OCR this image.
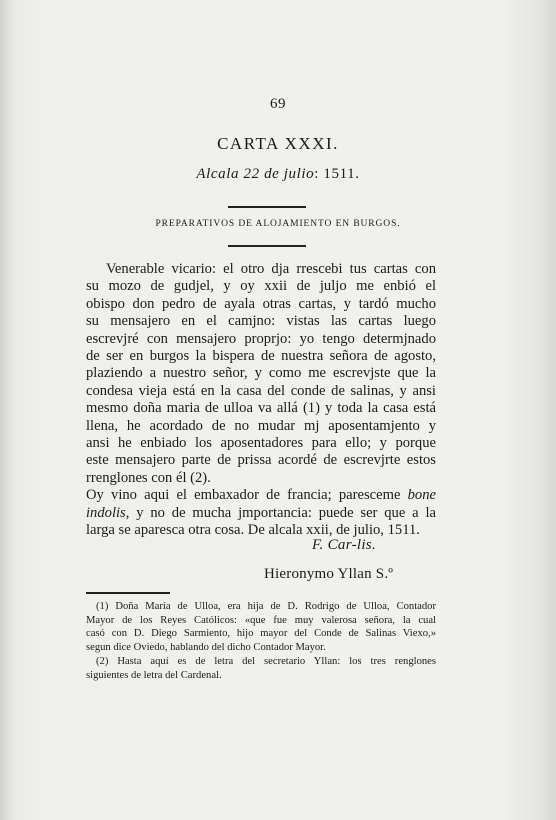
69
CARTA XXXI.
Alcala 22 de julio: 1511.
PREPARATIVOS DE ALOJAMIENTO EN BURGOS.
Venerable vicario: el otro dja rrescebi tus cartas con
su mozo de gudjel, y oy xxii de juljo me enbió el
obispo don pedro de ayala otras cartas, y tardó mucho
su mensajero en el camjno: vistas las cartas luego
escrevjré con mensajero proprjo: yo tengo determjnado
de ser en burgos la bispera de nuestra señora de agosto,
plaziendo a nuestro señor, y como me escrevjste que la
condesa vieja está en la casa del conde de salinas, y ansi
mesmo doña maria de ulloa va allá (1) y toda la casa está
llena, he acordado de no mudar mj aposentamjento y
ansi he enbiado los aposentadores para ello; y porque
este mensajero parte de prissa acordé de escrevjrte estos
rrenglones con él (2).
Oy vino aqui el embaxador de francia; paresceme bone
indolis, y no de mucha jmportancia: puede ser que a la
larga se aparesca otra cosa. De alcala xxii, de julio, 1511.
F. Car-lis.
Hieronymo Yllan S.º
(1) Doña María de Ulloa, era hija de D. Rodrigo de Ulloa, Contador
Mayor de los Reyes Católicos: «que fue muy valerosa señora, la cual
casó con D. Diego Sarmiento, hijo mayor del Conde de Salinas Viexo,»
segun dice Oviedo, hablando del dicho Contador Mayor.
(2) Hasta aquí es de letra del secretario Yllan: los tres renglones
siguientes de letra del Cardenal.
